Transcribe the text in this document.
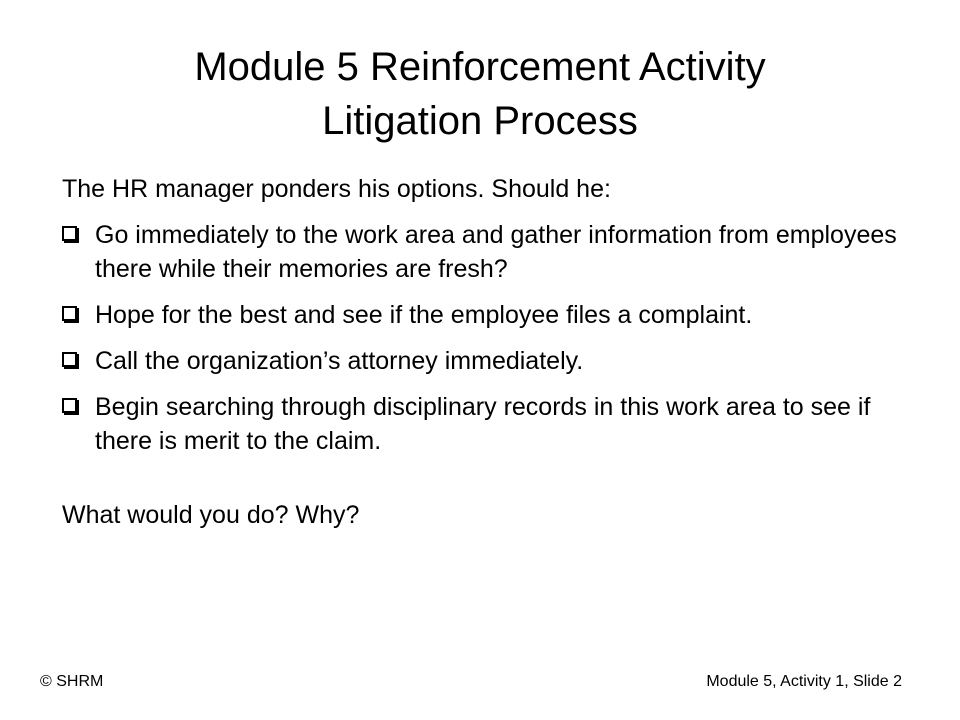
Module 5 Reinforcement Activity
Litigation Process

The HR manager ponders his options. Should he:

Go immediately to the work area and gather information from employees there while their memories are fresh?
Hope for the best and see if the employee files a complaint.
Call the organization’s attorney immediately.
Begin searching through disciplinary records in this work area to see if there is merit to the claim.

What would you do? Why?

© SHRM	Module 5, Activity 1, Slide 2
